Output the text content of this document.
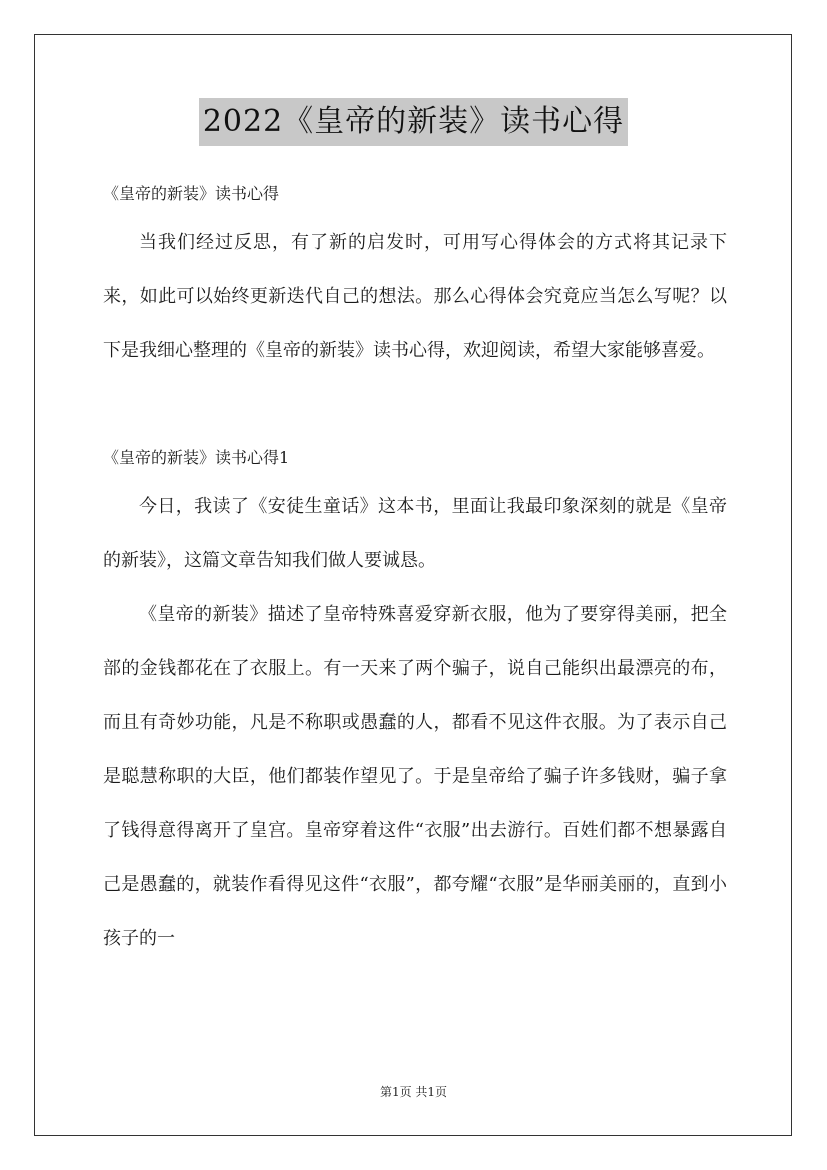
2022《皇帝的新装》读书心得

《皇帝的新装》读书心得

当我们经过反思，有了新的启发时，可用写心得体会的方式将其记录下来，如此可以始终更新迭代自己的想法。那么心得体会究竟应当怎么写呢？以下是我细心整理的《皇帝的新装》读书心得，欢迎阅读，希望大家能够喜爱。

《皇帝的新装》读书心得1

今日，我读了《安徒生童话》这本书，里面让我最印象深刻的就是《皇帝的新装》，这篇文章告知我们做人要诚恳。

《皇帝的新装》描述了皇帝特殊喜爱穿新衣服，他为了要穿得美丽，把全部的金钱都花在了衣服上。有一天来了两个骗子，说自己能织出最漂亮的布，而且有奇妙功能，凡是不称职或愚蠢的人，都看不见这件衣服。为了表示自己是聪慧称职的大臣，他们都装作望见了。于是皇帝给了骗子许多钱财，骗子拿了钱得意得离开了皇宫。皇帝穿着这件“衣服”出去游行。百姓们都不想暴露自己是愚蠢的，就装作看得见这件“衣服”，都夸耀“衣服”是华丽美丽的，直到小孩子的一

第1页 共1页
